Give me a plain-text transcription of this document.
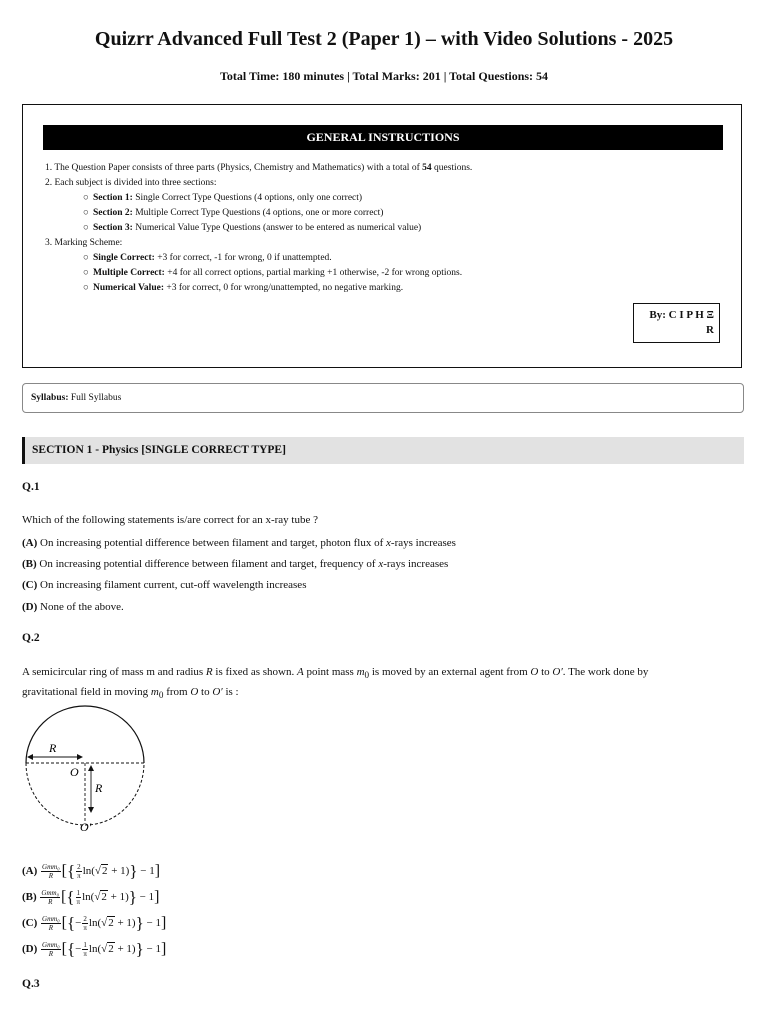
Quizrr Advanced Full Test 2 (Paper 1) – with Video Solutions - 2025
Total Time: 180 minutes | Total Marks: 201 | Total Questions: 54
GENERAL INSTRUCTIONS
1. The Question Paper consists of three parts (Physics, Chemistry and Mathematics) with a total of 54 questions.
2. Each subject is divided into three sections:
○ Section 1: Single Correct Type Questions (4 options, only one correct)
○ Section 2: Multiple Correct Type Questions (4 options, one or more correct)
○ Section 3: Numerical Value Type Questions (answer to be entered as numerical value)
3. Marking Scheme:
○ Single Correct: +3 for correct, -1 for wrong, 0 if unattempted.
○ Multiple Correct: +4 for all correct options, partial marking +1 otherwise, -2 for wrong options.
○ Numerical Value: +3 for correct, 0 for wrong/unattempted, no negative marking.
By: C I P H Ξ
R
Syllabus: Full Syllabus
SECTION 1 - Physics [SINGLE CORRECT TYPE]
Q.1
Which of the following statements is/are correct for an x-ray tube ?
(A) On increasing potential difference between filament and target, photon flux of x-rays increases
(B) On increasing potential difference between filament and target, frequency of x-rays increases
(C) On increasing filament current, cut-off wavelength increases
(D) None of the above.
Q.2
A semicircular ring of mass m and radius R is fixed as shown. A point mass $m_0$ is moved by an external agent from O to O′. The work done by
gravitational field in moving $m_0$ from O to O′ is :
R
O
R
O′
$(A) \frac{\text{Gmm₀}}{R}$ [{ $\frac{2}{\pi} \ln(√2 + 1)\} - 1$]
$(B) \frac{\text{Gmm₀}}{R}$ [{ $\frac{1}{\pi} \ln(√2 + 1)\} - 1$]
$(C) \frac{\text{Gmm₀}}{R}$ [{− $\frac{2}{\pi} \ln(√2 + 1)\} - 1$]
$(D) \frac{\text{Gmm₀}}{R}$ [{− $\frac{1}{\pi} \ln(√2 + 1)\} - 1$]
Q.3
